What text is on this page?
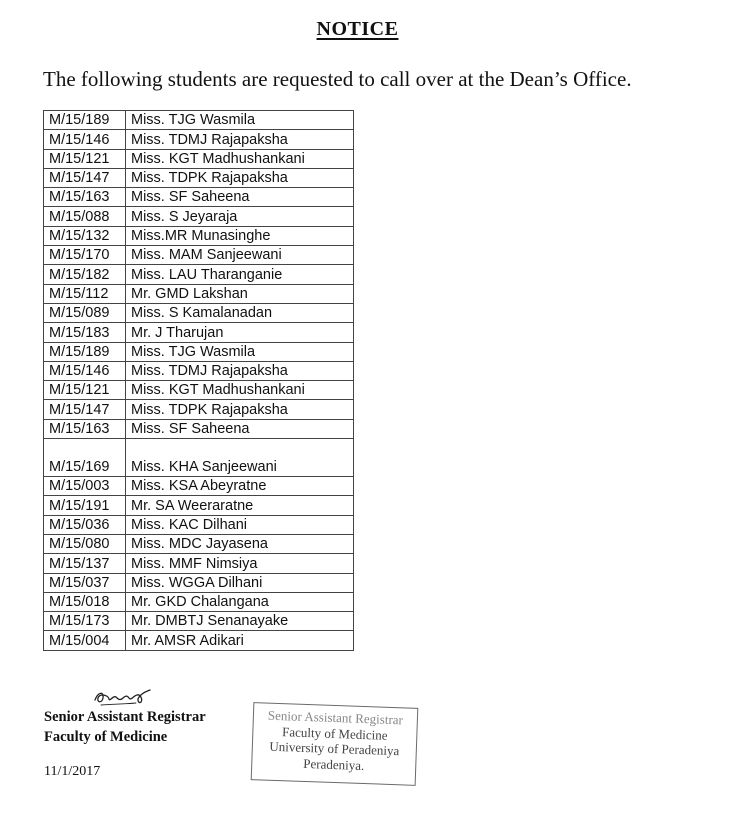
NOTICE
The following students are requested to call over at the Dean’s Office.
M/15/189	Miss. TJG Wasmila
M/15/146	Miss. TDMJ Rajapaksha
M/15/121	Miss. KGT Madhushankani
M/15/147	Miss. TDPK Rajapaksha
M/15/163	Miss. SF Saheena
M/15/088	Miss. S Jeyaraja
M/15/132	Miss.MR Munasinghe
M/15/170	Miss. MAM Sanjeewani
M/15/182	Miss. LAU Tharanganie
M/15/112	Mr. GMD Lakshan
M/15/089	Miss. S Kamalanadan
M/15/183	Mr. J Tharujan
M/15/189	Miss. TJG Wasmila
M/15/146	Miss. TDMJ Rajapaksha
M/15/121	Miss. KGT Madhushankani
M/15/147	Miss. TDPK Rajapaksha
M/15/163	Miss. SF Saheena
M/15/169	Miss. KHA Sanjeewani
M/15/003	Miss. KSA Abeyratne
M/15/191	Mr. SA Weeraratne
M/15/036	Miss. KAC Dilhani
M/15/080	Miss. MDC Jayasena
M/15/137	Miss. MMF Nimsiya
M/15/037	Miss. WGGA Dilhani
M/15/018	Mr. GKD Chalangana
M/15/173	Mr. DMBTJ Senanayake
M/15/004	Mr. AMSR Adikari
Senior Assistant Registrar
Faculty of Medicine
11/1/2017
Senior Assistant Registrar
Faculty of Medicine
University of Peradeniya
Peradeniya.
